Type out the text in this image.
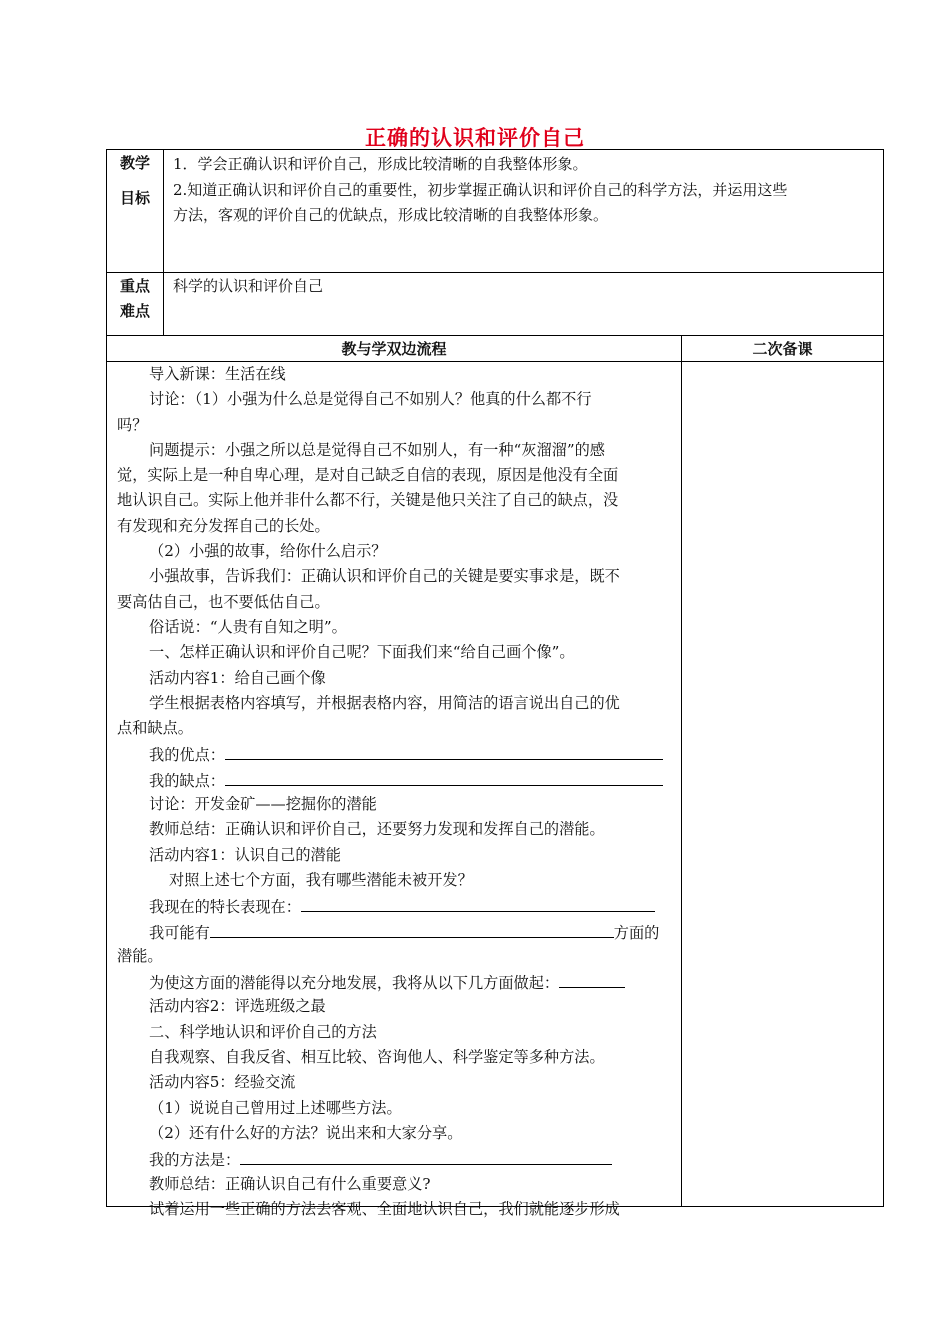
正确的认识和评价自己
教学
目标
1．学会正确认识和评价自己，形成比较清晰的自我整体形象。
2.知道正确认识和评价自己的重要性，初步掌握正确认识和评价自己的科学方法，并运用这些
方法，客观的评价自己的优缺点，形成比较清晰的自我整体形象。
重点
难点
科学的认识和评价自己
教与学双边流程	二次备课
导入新课：生活在线
讨论：（1）小强为什么总是觉得自己不如别人？他真的什么都不行
吗？
问题提示：小强之所以总是觉得自己不如别人，有一种“灰溜溜”的感
觉，实际上是一种自卑心理，是对自己缺乏自信的表现，原因是他没有全面
地认识自己。实际上他并非什么都不行，关键是他只关注了自己的缺点，没
有发现和充分发挥自己的长处。
（2）小强的故事，给你什么启示？
小强故事，告诉我们：正确认识和评价自己的关键是要实事求是，既不
要高估自己，也不要低估自己。
俗话说：“人贵有自知之明”。
一、怎样正确认识和评价自己呢？下面我们来“给自己画个像”。
活动内容1：给自己画个像
学生根据表格内容填写，并根据表格内容，用简洁的语言说出自己的优
点和缺点。
我的优点：
我的缺点：
讨论：开发金矿——挖掘你的潜能
教师总结：正确认识和评价自己，还要努力发现和发挥自己的潜能。
活动内容1：认识自己的潜能
对照上述七个方面，我有哪些潜能未被开发？
我现在的特长表现在：
我可能有	方面的
潜能。
为使这方面的潜能得以充分地发展，我将从以下几方面做起：
活动内容2：评选班级之最
二、科学地认识和评价自己的方法
自我观察、自我反省、相互比较、咨询他人、科学鉴定等多种方法。
活动内容5：经验交流
（1）说说自己曾用过上述哪些方法。
（2）还有什么好的方法？说出来和大家分享。
我的方法是：
教师总结：正确认识自己有什么重要意义?
试着运用一些正确的方法去客观、全面地认识自己，我们就能逐步形成
